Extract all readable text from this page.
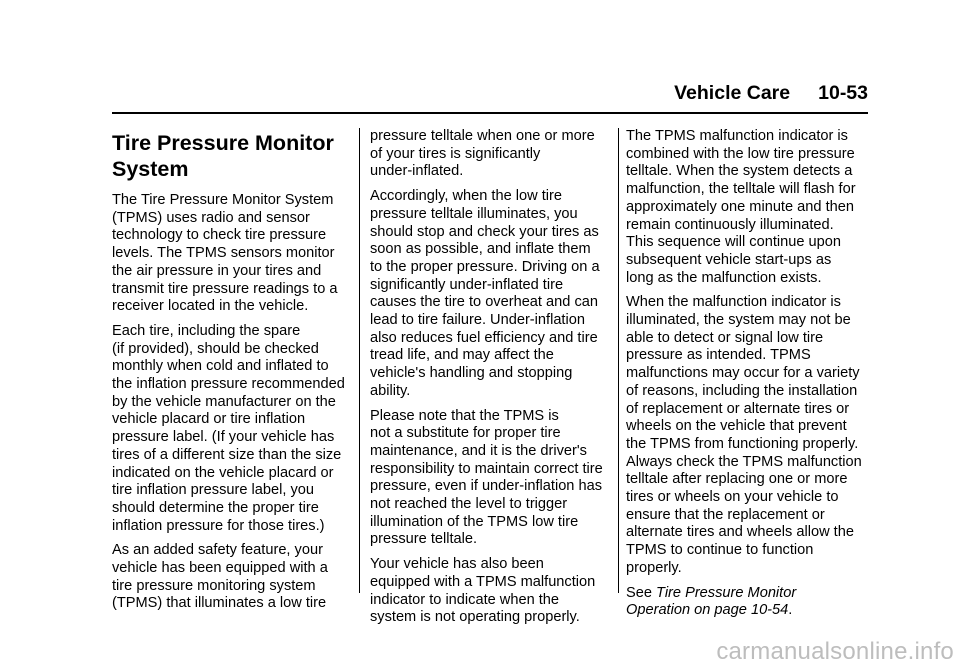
Vehicle Care 10-53
Tire Pressure Monitor
System

The Tire Pressure Monitor System
(TPMS) uses radio and sensor
technology to check tire pressure
levels. The TPMS sensors monitor
the air pressure in your tires and
transmit tire pressure readings to a
receiver located in the vehicle.

Each tire, including the spare
(if provided), should be checked
monthly when cold and inflated to
the inflation pressure recommended
by the vehicle manufacturer on the
vehicle placard or tire inflation
pressure label. (If your vehicle has
tires of a different size than the size
indicated on the vehicle placard or
tire inflation pressure label, you
should determine the proper tire
inflation pressure for those tires.)

As an added safety feature, your
vehicle has been equipped with a
tire pressure monitoring system
(TPMS) that illuminates a low tire

pressure telltale when one or more
of your tires is significantly
under-inflated.

Accordingly, when the low tire
pressure telltale illuminates, you
should stop and check your tires as
soon as possible, and inflate them
to the proper pressure. Driving on a
significantly under-inflated tire
causes the tire to overheat and can
lead to tire failure. Under-inflation
also reduces fuel efficiency and tire
tread life, and may affect the
vehicle's handling and stopping
ability.

Please note that the TPMS is
not a substitute for proper tire
maintenance, and it is the driver's
responsibility to maintain correct tire
pressure, even if under-inflation has
not reached the level to trigger
illumination of the TPMS low tire
pressure telltale.

Your vehicle has also been
equipped with a TPMS malfunction
indicator to indicate when the
system is not operating properly.

The TPMS malfunction indicator is
combined with the low tire pressure
telltale. When the system detects a
malfunction, the telltale will flash for
approximately one minute and then
remain continuously illuminated.
This sequence will continue upon
subsequent vehicle start-ups as
long as the malfunction exists.

When the malfunction indicator is
illuminated, the system may not be
able to detect or signal low tire
pressure as intended. TPMS
malfunctions may occur for a variety
of reasons, including the installation
of replacement or alternate tires or
wheels on the vehicle that prevent
the TPMS from functioning properly.
Always check the TPMS malfunction
telltale after replacing one or more
tires or wheels on your vehicle to
ensure that the replacement or
alternate tires and wheels allow the
TPMS to continue to function
properly.

See Tire Pressure Monitor
Operation on page 10-54.

carmanualsonline.info
